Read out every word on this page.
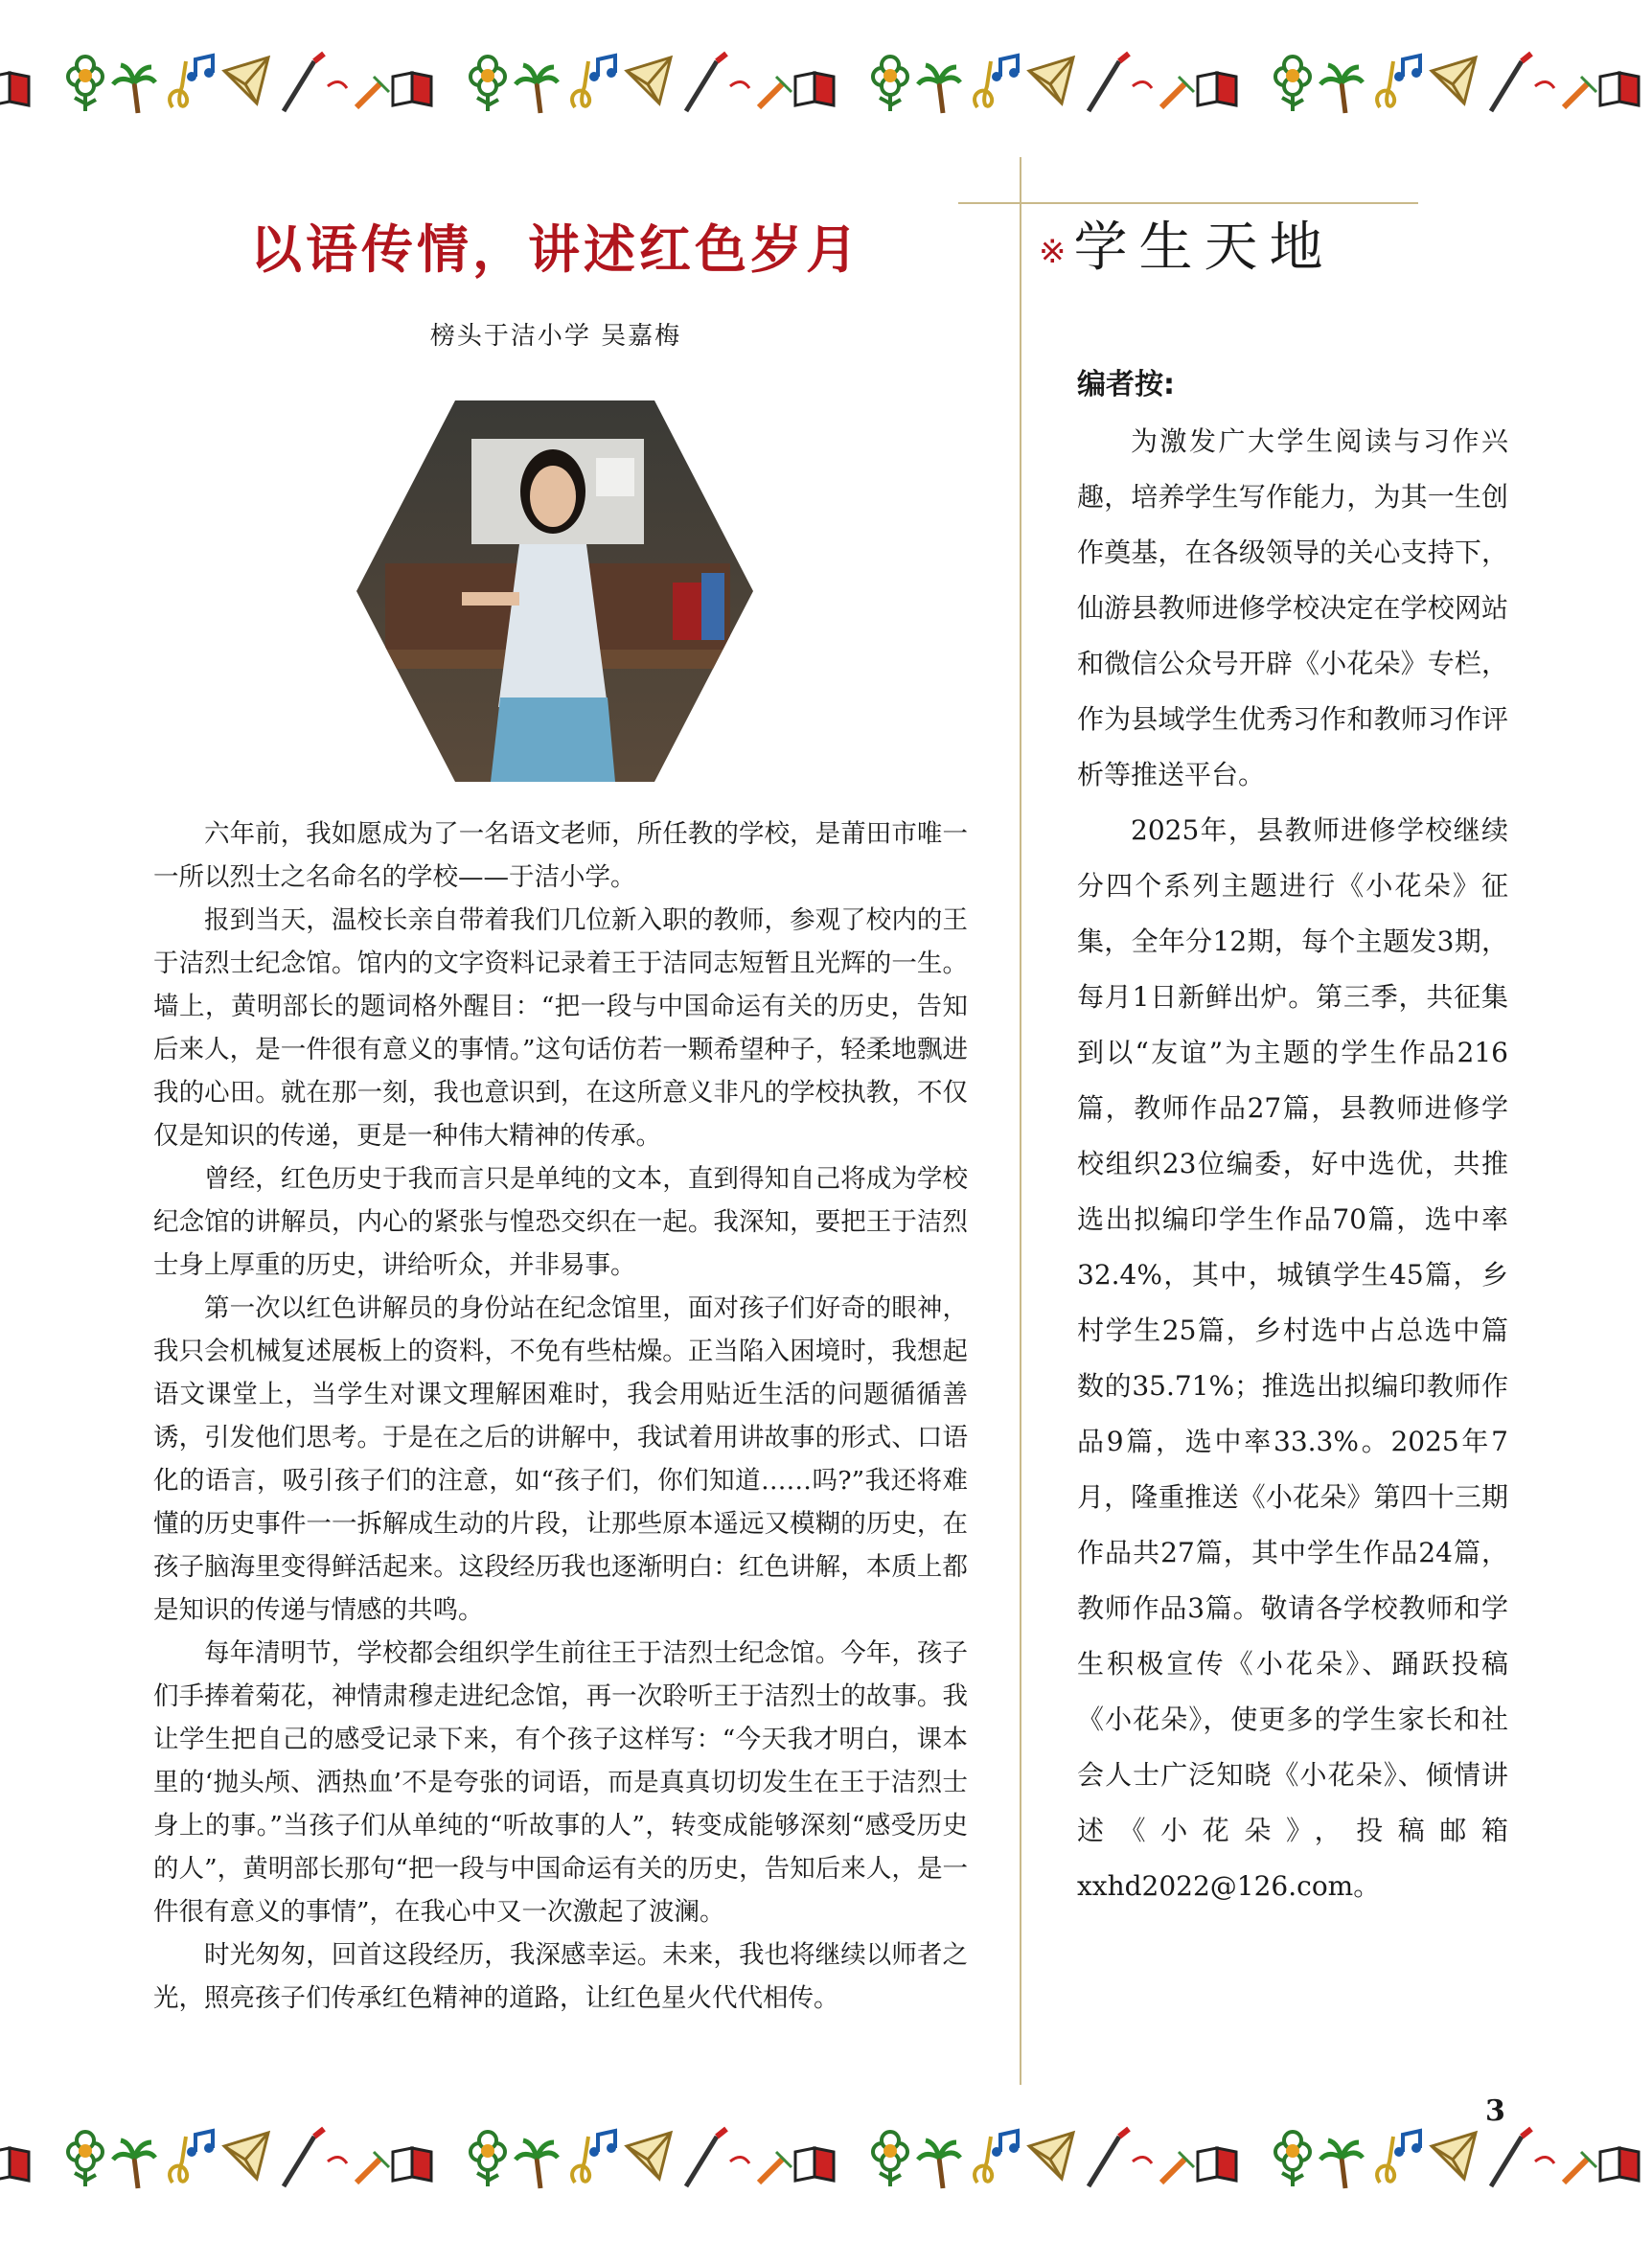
以语传情，讲述红色岁月
榜头于洁小学 吴嘉梅

六年前，我如愿成为了一名语文老师，所任教的学校，是莆田市唯一一所以烈士之名命名的学校——于洁小学。

报到当天，温校长亲自带着我们几位新入职的教师，参观了校内的王于洁烈士纪念馆。馆内的文字资料记录着王于洁同志短暂且光辉的一生。墙上，黄明部长的题词格外醒目：“把一段与中国命运有关的历史，告知后来人，是一件很有意义的事情。”这句话仿若一颗希望种子，轻柔地飘进我的心田。就在那一刻，我也意识到，在这所意义非凡的学校执教，不仅仅是知识的传递，更是一种伟大精神的传承。

曾经，红色历史于我而言只是单纯的文本，直到得知自己将成为学校纪念馆的讲解员，内心的紧张与惶恐交织在一起。我深知，要把王于洁烈士身上厚重的历史，讲给听众，并非易事。

第一次以红色讲解员的身份站在纪念馆里，面对孩子们好奇的眼神，我只会机械复述展板上的资料，不免有些枯燥。正当陷入困境时，我想起语文课堂上，当学生对课文理解困难时，我会用贴近生活的问题循循善诱，引发他们思考。于是在之后的讲解中，我试着用讲故事的形式、口语化的语言，吸引孩子们的注意，如“孩子们，你们知道……吗?”我还将难懂的历史事件一一拆解成生动的片段，让那些原本遥远又模糊的历史，在孩子脑海里变得鲜活起来。这段经历我也逐渐明白：红色讲解，本质上都是知识的传递与情感的共鸣。

每年清明节，学校都会组织学生前往王于洁烈士纪念馆。今年，孩子们手捧着菊花，神情肃穆走进纪念馆，再一次聆听王于洁烈士的故事。我让学生把自己的感受记录下来，有个孩子这样写：“今天我才明白，课本里的‘抛头颅、洒热血’不是夸张的词语，而是真真切切发生在王于洁烈士身上的事。”当孩子们从单纯的“听故事的人”，转变成能够深刻“感受历史的人”，黄明部长那句“把一段与中国命运有关的历史，告知后来人，是一件很有意义的事情”，在我心中又一次激起了波澜。

时光匆匆，回首这段经历，我深感幸运。未来，我也将继续以师者之光，照亮孩子们传承红色精神的道路，让红色星火代代相传。

※ 学生天地
编者按:

为激发广大学生阅读与习作兴趣，培养学生写作能力，为其一生创作奠基，在各级领导的关心支持下，仙游县教师进修学校决定在学校网站和微信公众号开辟《小花朵》专栏，作为县域学生优秀习作和教师习作评析等推送平台。

2025年，县教师进修学校继续分四个系列主题进行《小花朵》征集，全年分12期，每个主题发3期，每月1日新鲜出炉。第三季，共征集到以“友谊”为主题的学生作品216篇，教师作品27篇，县教师进修学校组织23位编委，好中选优，共推选出拟编印学生作品70篇，选中率32.4%，其中，城镇学生45篇，乡村学生25篇，乡村选中占总选中篇数的35.71%；推选出拟编印教师作品9篇，选中率33.3%。2025年7月，隆重推送《小花朵》第四十三期作品共27篇，其中学生作品24篇，教师作品3篇。敬请各学校教师和学生积极宣传《小花朵》、踊跃投稿《小花朵》，使更多的学生家长和社会人士广泛知晓《小花朵》、倾情讲述《小花朵》，投稿邮箱xxhd2022@126.com。

3
